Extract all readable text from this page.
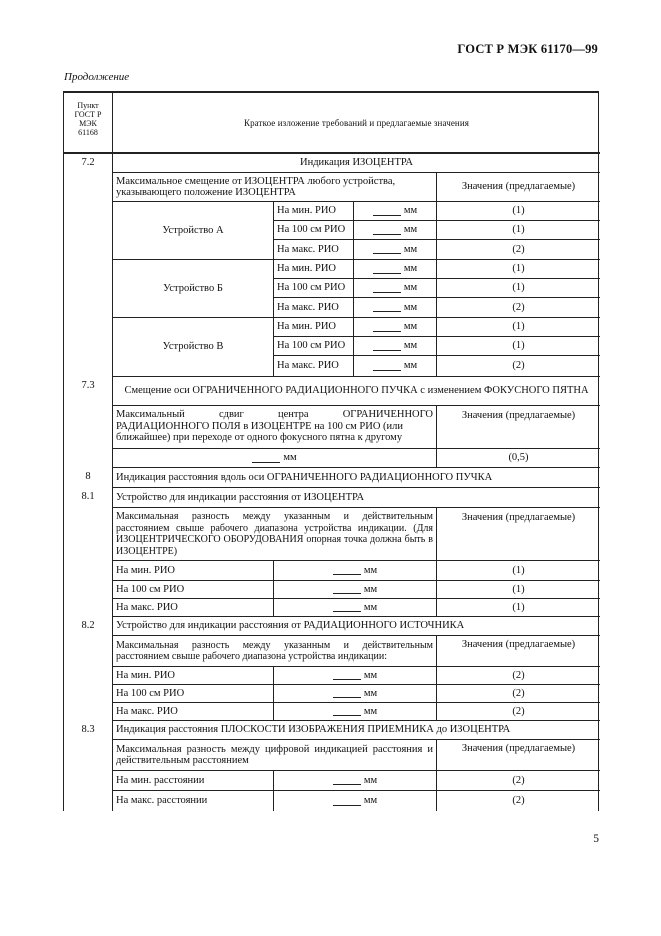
ГОСТ Р МЭК 61170—99
Продолжение
Пункт
ГОСТ Р
МЭК
61168
Краткое изложение требований и предлагаемые значения
7.2	Индикация ИЗОЦЕНТРА
Максимальное смещение от ИЗОЦЕНТРА любого устройства, указывающего положение ИЗОЦЕНТРА
Значения (предлагаемые)
Устройство А
На мин. РИО	мм	(1)
На 100 см РИО	мм	(1)
На макс. РИО	мм	(2)
Устройство Б
На мин. РИО	мм	(1)
На 100 см РИО	мм	(1)
На макс. РИО	мм	(2)
Устройство В
На мин. РИО	мм	(1)
На 100 см РИО	мм	(1)
На макс. РИО	мм	(2)
7.3	Смещение оси ОГРАНИЧЕННОГО РАДИАЦИОННОГО ПУЧКА с изменением ФОКУСНОГО ПЯТНА
Максимальный сдвиг центра ОГРАНИЧЕННОГО
РАДИАЦИОННОГО ПОЛЯ в ИЗОЦЕНТРЕ на 100 см РИО (или ближайшее) при переходе от одного фокусного пятна к другому
Значения (предлагаемые)
мм	(0,5)
8	Индикация расстояния вдоль оси ОГРАНИЧЕННОГО РАДИАЦИОННОГО ПУЧКА
8.1	Устройство для индикации расстояния от ИЗОЦЕНТРА
Максимальная разность между указанным и действительным расстоянием свыше рабочего диапазона устройства индикации. (Для ИЗОЦЕНТРИЧЕСКОГО ОБОРУДОВАНИЯ опорная точка должна быть в ИЗОЦЕНТРЕ)
Значения (предлагаемые)
На мин. РИО	мм	(1)
На 100 см РИО	мм	(1)
На макс. РИО	мм	(1)
8.2	Устройство для индикации расстояния от РАДИАЦИОННОГО ИСТОЧНИКА
Максимальная разность между указанным и действительным расстоянием свыше рабочего диапазона устройства индикации:
Значения (предлагаемые)
На мин. РИО	мм	(2)
На 100 см РИО	мм	(2)
На макс. РИО	мм	(2)
8.3	Индикация расстояния ПЛОСКОСТИ ИЗОБРАЖЕНИЯ ПРИЕМНИКА до ИЗОЦЕНТРА
Максимальная разность между цифровой индикацией расстояния и действительным расстоянием
Значения (предлагаемые)
На мин. расстоянии	мм	(2)
На макс. расстоянии	мм	(2)
5
